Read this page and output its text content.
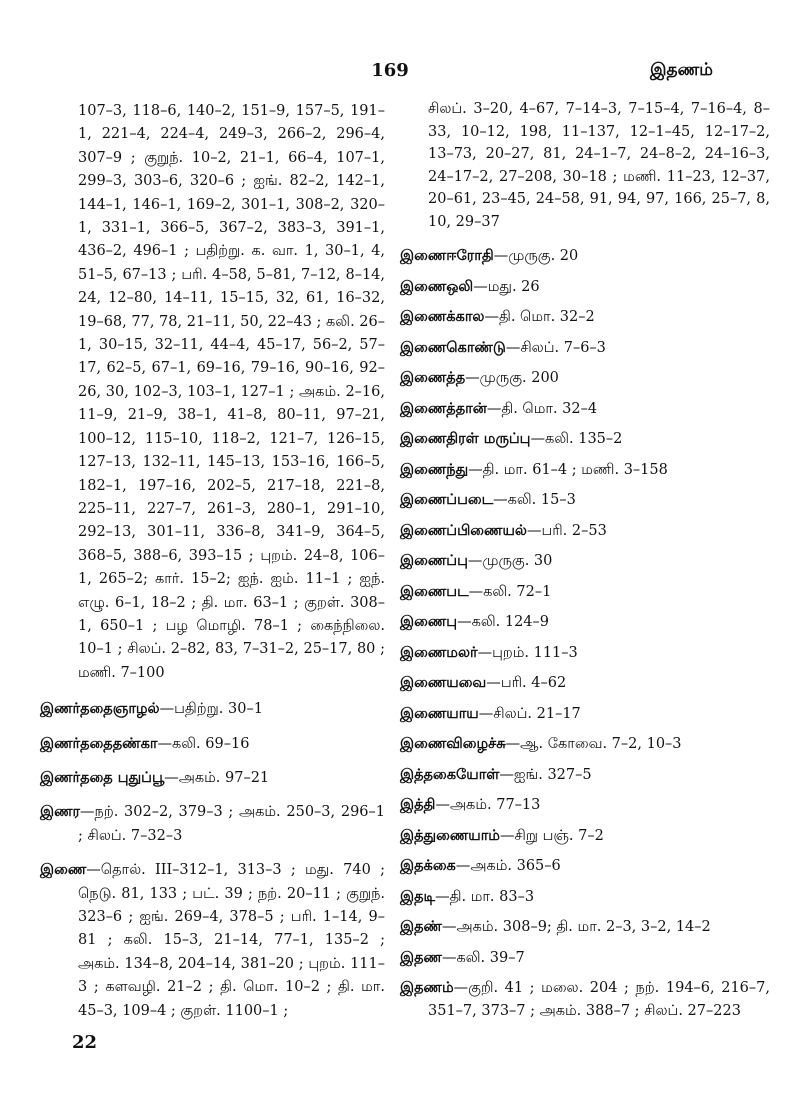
169	இதணம்

107–3, 118–6, 140–2, 151–9, 157–5, 191–1, 221–4, 224–4, 249–3, 266–2, 296–4, 307–9 ; குறுந். 10–2, 21–1, 66–4, 107–1, 299–3, 303–6, 320–6 ; ஐங். 82–2, 142–1, 144–1, 146–1, 169–2, 301–1, 308–2, 320–1, 331–1, 366–5, 367–2, 383–3, 391–1, 436–2, 496–1 ; பதிற்று. க. வா. 1, 30–1, 4, 51–5, 67–13 ; பரி. 4–58, 5–81, 7–12, 8–14, 24, 12–80, 14–11, 15–15, 32, 61, 16–32, 19–68, 77, 78, 21–11, 50, 22–43 ; கலி. 26–1, 30–15, 32–11, 44–4, 45–17, 56–2, 57–17, 62–5, 67–1, 69–16, 79–16, 90–16, 92–26, 30, 102–3, 103–1, 127–1 ; அகம். 2–16, 11–9, 21–9, 38–1, 41–8, 80–11, 97–21, 100–12, 115–10, 118–2, 121–7, 126–15, 127–13, 132–11, 145–13, 153–16, 166–5, 182–1, 197–16, 202–5, 217–18, 221–8, 225–11, 227–7, 261–3, 280–1, 291–10, 292–13, 301–11, 336–8, 341–9, 364–5, 368–5, 388–6, 393–15 ; புறம். 24–8, 106–1, 265–2; கார். 15–2; ஐந். ஐம். 11–1 ; ஐந். எழு. 6–1, 18–2 ; தி. மா. 63–1 ; குறள். 308–1, 650–1 ; பழ மொழி. 78–1 ; கைந்நிலை. 10–1 ; சிலப். 2–82, 83, 7–31–2, 25–17, 80 ; மணி. 7–100

இணர்ததைஞாழல்—பதிற்று. 30–1

இணர்ததைதண்கா—கலி. 69–16

இணர்ததை புதுப்பூ—அகம். 97–21

இணர—நற். 302–2, 379–3 ; அகம். 250–3, 296–1 ; சிலப். 7–32–3

இணை—தொல். III–312–1, 313–3 ; மது. 740 ; நெடு. 81, 133 ; பட். 39 ; நற். 20–11 ; குறுந். 323–6 ; ஐங். 269–4, 378–5 ; பரி. 1–14, 9–81 ; கலி. 15–3, 21–14, 77–1, 135–2 ; அகம். 134–8, 204–14, 381–20 ; புறம். 111–3 ; களவழி. 21–2 ; தி. மொ. 10–2 ; தி. மா. 45–3, 109–4 ; குறள். 1100–1 ;

சிலப். 3–20, 4–67, 7–14–3, 7–15–4, 7–16–4, 8–33, 10–12, 198, 11–137, 12–1–45, 12–17–2, 13–73, 20–27, 81, 24–1–7, 24–8–2, 24–16–3, 24–17–2, 27–208, 30–18 ; மணி. 11–23, 12–37, 20–61, 23–45, 24–58, 91, 94, 97, 166, 25–7, 8, 10, 29–37

இணைஈரோதி—முருகு. 20

இணைஒலி—மது. 26

இணைக்கால—தி. மொ. 32–2

இணைகொண்டு—சிலப். 7–6–3

இணைத்த—முருகு. 200

இணைத்தான்—தி. மொ. 32–4

இணைதிரள் மருப்பு—கலி. 135–2

இணைந்து—தி. மா. 61–4 ; மணி. 3–158

இணைப்படை—கலி. 15–3

இணைப்பிணையல்—பரி. 2–53

இணைப்பு—முருகு. 30

இணைபட—கலி. 72–1

இணைபு—கலி. 124–9

இணைமலர்—புறம். 111–3

இணையவை—பரி. 4–62

இணையாய—சிலப். 21–17

இணைவிழைச்சு—ஆ. கோவை. 7–2, 10–3

இத்தகையோள்—ஐங். 327–5

இத்தி—அகம். 77–13

இத்துணையாம்—சிறு பஞ். 7–2

இதக்கை—அகம். 365–6

இதடி—தி. மா. 83–3

இதண்—அகம். 308–9; தி. மா. 2–3, 3–2, 14–2

இதண—கலி. 39–7

இதணம்—குறி. 41 ; மலை. 204 ; நற். 194–6, 216–7, 351–7, 373–7 ; அகம். 388–7 ; சிலப். 27–223

22
